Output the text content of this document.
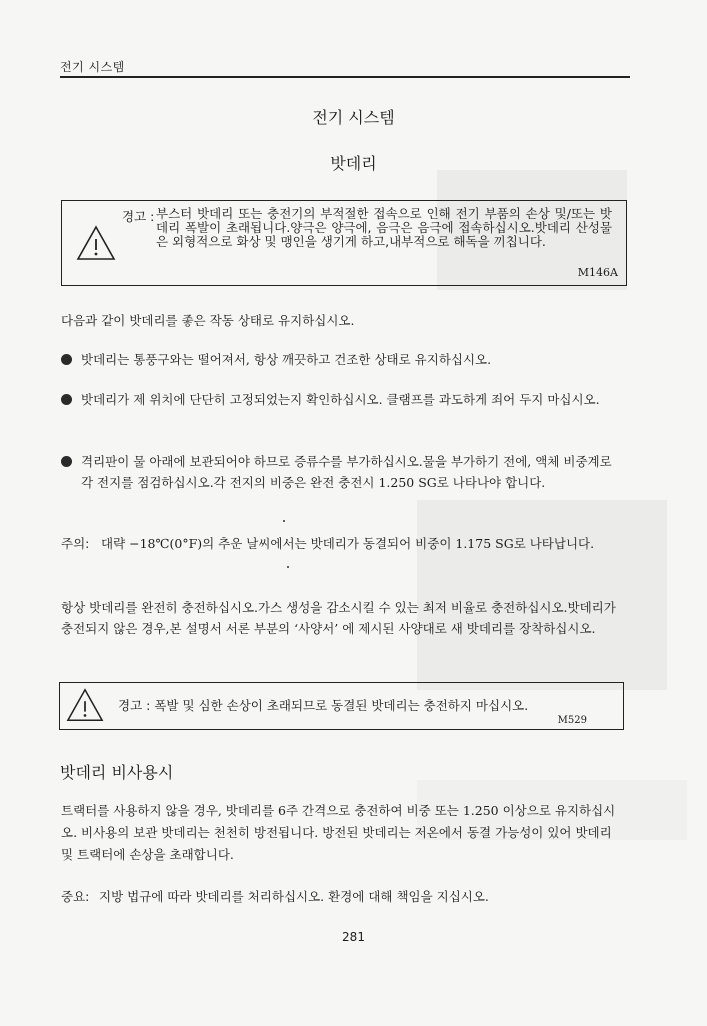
전기 시스템
전기 시스템
밧데리
경고 : 부스터 밧데리 또는 충전기의 부적절한 접속으로 인해 전기 부품의 손상 및/또는 밧데리 폭발이 초래됩니다.양극은 양극에, 음극은 음극에 접속하십시오.밧데리 산성물은 외형적으로 화상 및 맹인을 생기게 하고,내부적으로 해독을 끼칩니다.
M146A
다음과 같이 밧데리를 좋은 작동 상태로 유지하십시오.
밧데리는 통풍구와는 떨어져서, 항상 깨끗하고 건조한 상태로 유지하십시오.
밧데리가 제 위치에 단단히 고정되었는지 확인하십시오. 클램프를 과도하게 죄어 두지 마십시오.
격리판이 물 아래에 보관되어야 하므로 증류수를 부가하십시오.물을 부가하기 전에, 액체 비중계로 각 전지를 점검하십시오.각 전지의 비중은 완전 충전시 1.250 SG로 나타나야 합니다.
주의: 대략 −18℃(0°F)의 추운 날씨에서는 밧데리가 동결되어 비중이 1.175 SG로 나타납니다.
항상 밧데리를 완전히 충전하십시오.가스 생성을 감소시킬 수 있는 최저 비율로 충전하십시오.밧데리가 충전되지 않은 경우,본 설명서 서론 부분의 ‘사양서’ 에 제시된 사양대로 새 밧데리를 장착하십시오.
경고 : 폭발 및 심한 손상이 초래되므로 동결된 밧데리는 충전하지 마십시오.
M529
밧데리 비사용시
트랙터를 사용하지 않을 경우, 밧데리를 6주 간격으로 충전하여 비중 또는 1.250 이상으로 유지하십시오. 비사용의 보관 밧데리는 천천히 방전됩니다. 방전된 밧데리는 저온에서 동결 가능성이 있어 밧데리 및 트랙터에 손상을 초래합니다.
중요: 지방 법규에 따라 밧데리를 처리하십시오. 환경에 대해 책임을 지십시오.
281
